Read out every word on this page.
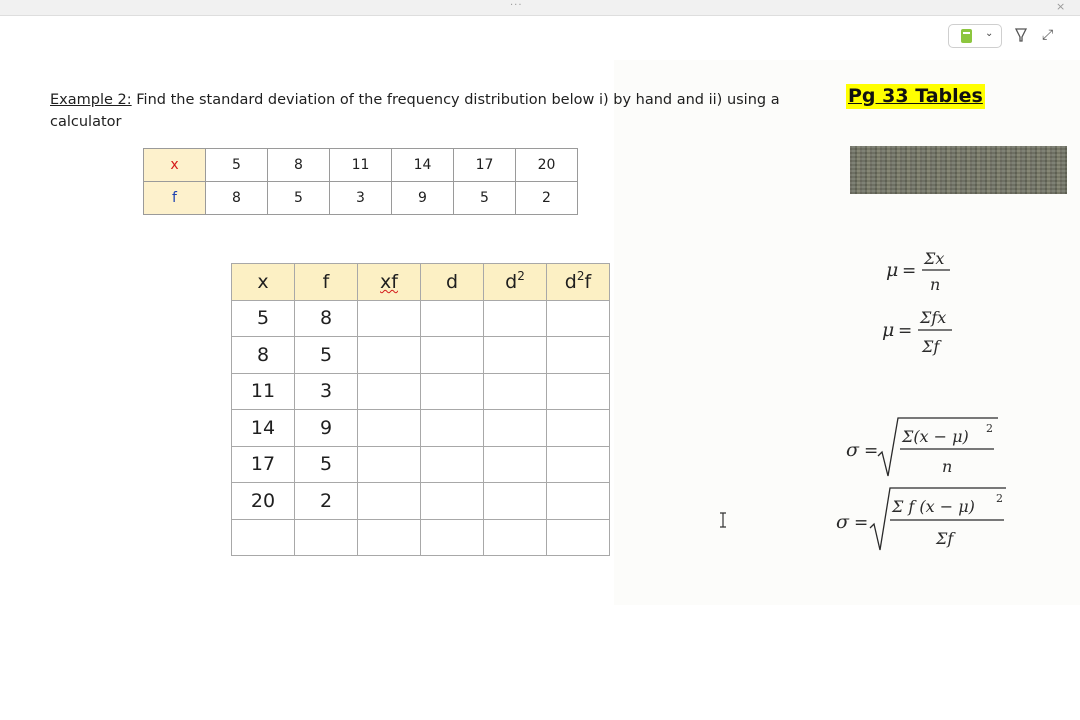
···	×
⌄	⤢
Example 2: Find the standard deviation of the frequency distribution below i) by hand and ii) using a calculator
x	5	8	11	14	17	20
f	8	5	3	9	5	2
x	f	xf	d	$d^2$	$d^2f$
5	8				
8	5				
11	3				
14	9				
17	5				
20	2				

Pg 33 Tables
μ =
Σx
n
μ =
Σfx
Σf
σ =
Σ(x − μ) 2
n
σ =
Σ f (x − μ) 2
Σf
